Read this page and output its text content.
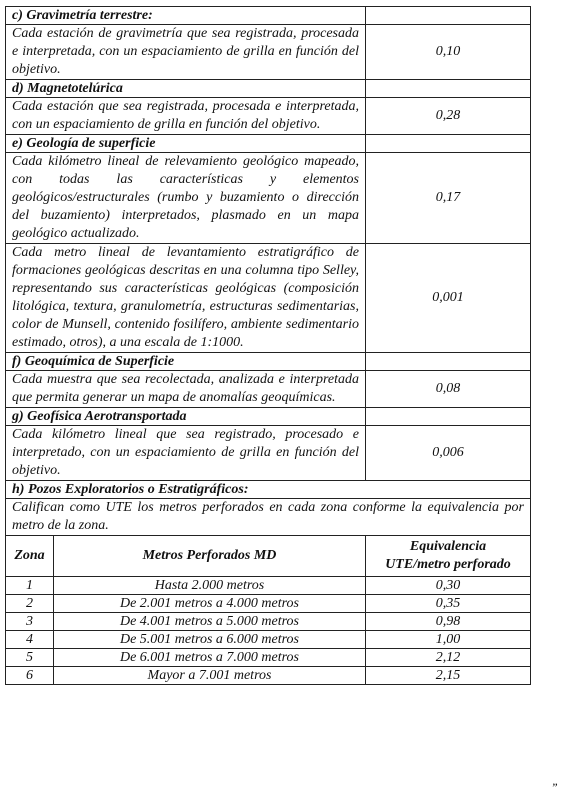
c) Gravimetría terrestre:		
Cada estación de gravimetría que sea registrada, procesada e interpretada, con un espaciamiento de grilla en función del objetivo.		0,10
d) Magnetotelúrica		
Cada estación que sea registrada, procesada e interpretada, con un espaciamiento de grilla en función del objetivo.		0,28
e) Geología de superficie		
Cada kilómetro lineal de relevamiento geológico mapeado, con todas las características y elementos geológicos/estructurales (rumbo y buzamiento o dirección del buzamiento) interpretados, plasmado en un mapa geológico actualizado.		0,17
Cada metro lineal de levantamiento estratigráfico de formaciones geológicas descritas en una columna tipo Selley, representando sus características geológicas (composición litológica, textura, granulometría, estructuras sedimentarias, color de Munsell, contenido fosilífero, ambiente sedimentario estimado, otros), a una escala de 1:1000.		0,001
f) Geoquímica de Superficie		
Cada muestra que sea recolectada, analizada e interpretada que permita generar un mapa de anomalías geoquímicas.		0,08
g) Geofísica Aerotransportada		
Cada kilómetro lineal que sea registrado, procesado e interpretado, con un espaciamiento de grilla en función del objetivo.		0,006
h) Pozos Exploratorios o Estratigráficos:		
Califican como UTE los metros perforados en cada zona conforme la equivalencia por metro de la zona.		
Zona	Metros Perforados MD	Equivalencia
UTE/metro perforado

1	Hasta 2.000 metros	0,30
2	De 2.001 metros a 4.000 metros	0,35
3	De 4.001 metros a 5.000 metros	0,98
4	De 5.001 metros a 6.000 metros	1,00
5	De 6.001 metros a 7.000 metros	2,12
6	Mayor a 7.001 metros	2,15
”
